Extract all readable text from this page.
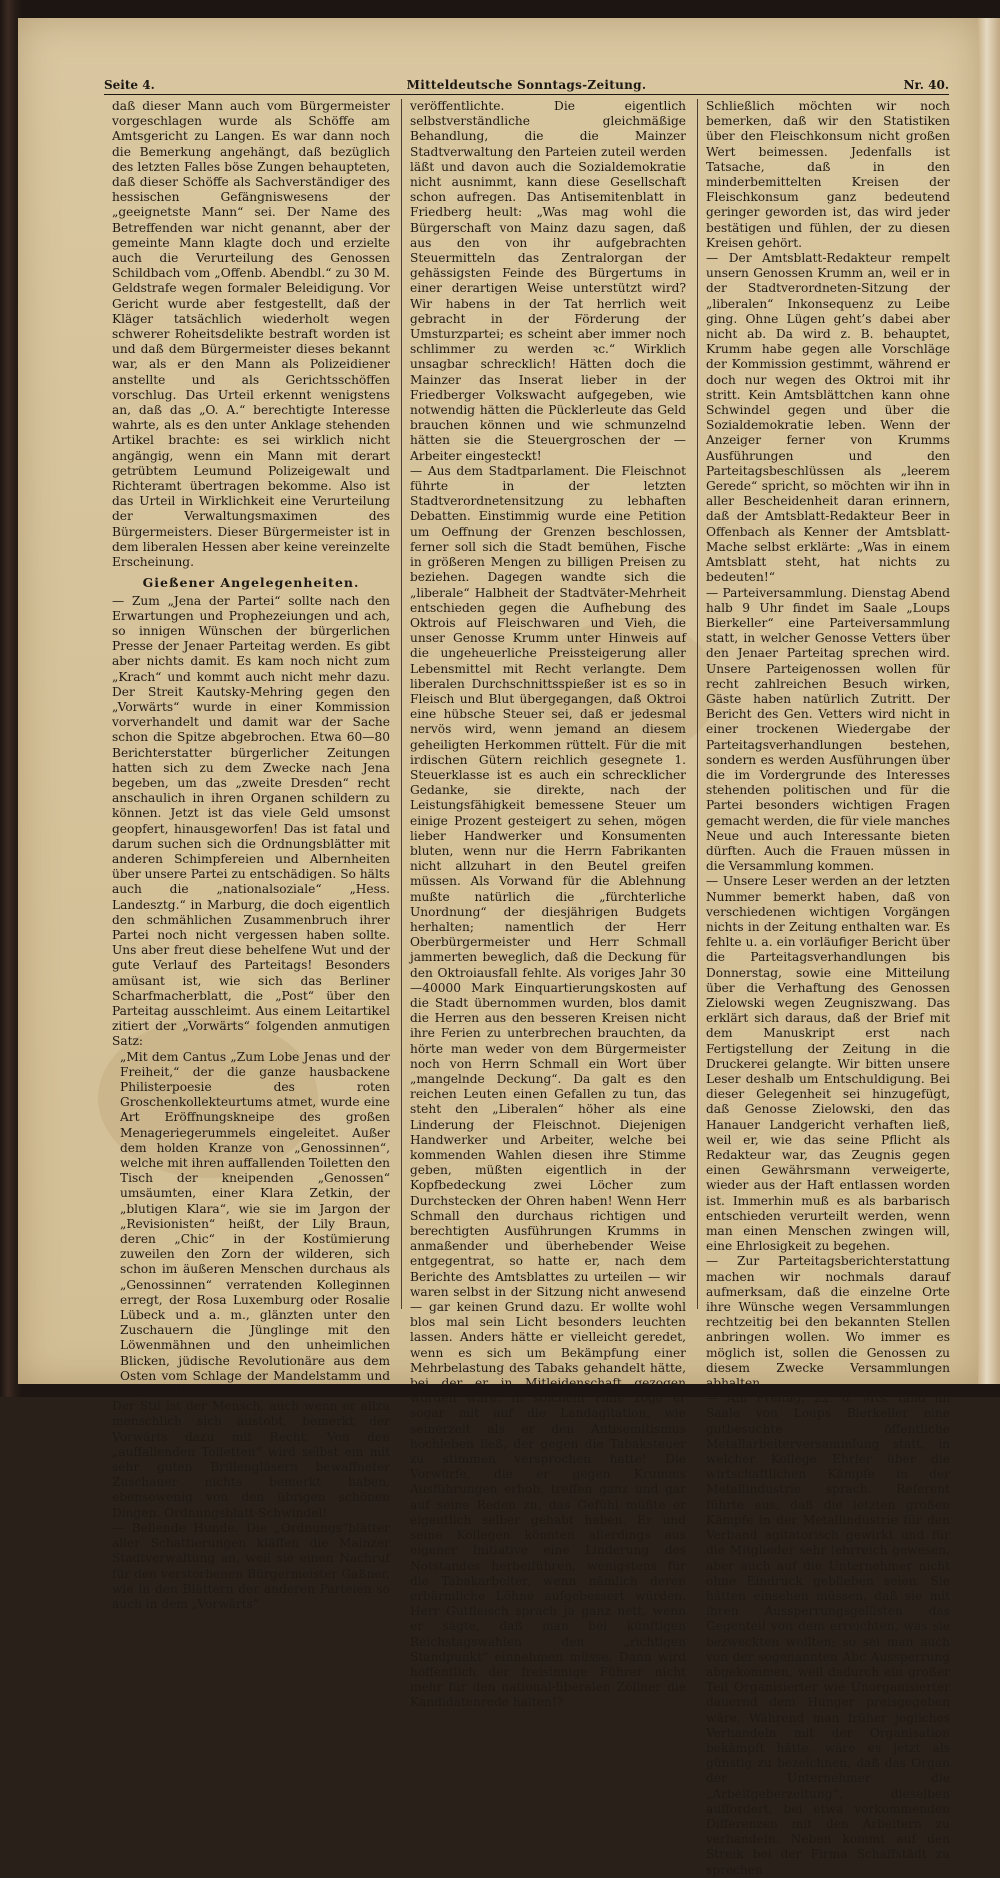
Seite 4.	Mitteldeutsche Sonntags-Zeitung.	Nr. 40.

daß dieser Mann auch vom Bürgermeister vorgeschlagen wurde als Schöffe am Amtsgericht zu Langen. Es war dann noch die Bemerkung angehängt, daß bezüglich des letzten Falles böse Zungen behaupteten, daß dieser Schöffe als Sachverständiger des hessischen Gefängniswesens der „geeignetste Mann“ sei. Der Name des Betreffenden war nicht genannt, aber der gemeinte Mann klagte doch und erzielte auch die Verurteilung des Genossen Schildbach vom „Offenb. Abendbl.“ zu 30 M. Geldstrafe wegen formaler Beleidigung. Vor Gericht wurde aber festgestellt, daß der Kläger tatsächlich wiederholt wegen schwerer Roheitsdelikte bestraft worden ist und daß dem Bürgermeister dieses bekannt war, als er den Mann als Polizeidiener anstellte und als Gerichtsschöffen vorschlug. Das Urteil erkennt wenigstens an, daß das „O. A.“ berechtigte Interesse wahrte, als es den unter Anklage stehenden Artikel brachte: es sei wirklich nicht angängig, wenn ein Mann mit derart getrübtem Leumund Polizeigewalt und Richteramt übertragen bekomme. Also ist das Urteil in Wirklichkeit eine Verurteilung der Verwaltungsmaximen des Bürgermeisters. Dieser Bürgermeister ist in dem liberalen Hessen aber keine vereinzelte Erscheinung.

Gießener Angelegenheiten.

— Zum „Jena der Partei“ sollte nach den Erwartungen und Prophezeiungen und ach, so innigen Wünschen der bürgerlichen Presse der Jenaer Parteitag werden. Es gibt aber nichts damit. Es kam noch nicht zum „Krach“ und kommt auch nicht mehr dazu. Der Streit Kautsky-Mehring gegen den „Vorwärts“ wurde in einer Kommission vorverhandelt und damit war der Sache schon die Spitze abgebrochen. Etwa 60—80 Berichterstatter bürgerlicher Zeitungen hatten sich zu dem Zwecke nach Jena begeben, um das „zweite Dresden“ recht anschaulich in ihren Organen schildern zu können. Jetzt ist das viele Geld umsonst geopfert, hinausgeworfen! Das ist fatal und darum suchen sich die Ordnungsblätter mit anderen Schimpfereien und Albernheiten über unsere Partei zu entschädigen. So hälts auch die „nationalsoziale“ „Hess. Landesztg.“ in Marburg, die doch eigentlich den schmählichen Zusammenbruch ihrer Partei noch nicht vergessen haben sollte. Uns aber freut diese behelfene Wut und der gute Verlauf des Parteitags! Besonders amüsant ist, wie sich das Berliner Scharfmacherblatt, die „Post“ über den Parteitag ausschleimt. Aus einem Leitartikel zitiert der „Vorwärts“ folgenden anmutigen Satz:

„Mit dem Cantus „Zum Lobe Jenas und der Freiheit,“ der die ganze hausbackene Philisterpoesie des roten Groschenkollekteurtums atmet, wurde eine Art Eröffnungskneipe des großen Menageriegerummels eingeleitet. Außer dem holden Kranze von „Genossinnen“, welche mit ihren auffallenden Toiletten den Tisch der kneipenden „Genossen“ umsäumten, einer Klara Zetkin, der „blutigen Klara“, wie sie im Jargon der „Revisionisten“ heißt, der Lily Braun, deren „Chic“ in der Kostümierung zuweilen den Zorn der wilderen, sich schon im äußeren Menschen durchaus als „Genossinnen“ verratenden Kolleginnen erregt, der Rosa Luxemburg oder Rosalie Lübeck und a. m., glänzten unter den Zuschauern die Jünglinge mit den Löwenmähnen und den unheimlichen Blicken, jüdische Revolutionäre aus dem Osten vom Schlage der Mandelstamm und Silberfarb.“

Der Stil ist der Mensch, auch wenn er allzu menschlich sich austobt, bemerkt der Vorwärts dazu mit Recht. Von den „auffallenden Toiletten“ wird selbst ein mit sehr guten Brillengläsern bewaffneter Zuschauer nichts bemerkt haben, ebensowenig von den übrigen schönen Dingen. Ordnungsblatt-Schwindel!

— Bellende Hunde. Die „Ordnungs“blätter aller Schattierungen kläffen die Mainzer Stadtverwaltung an, weil sie einen Nachruf für den verstorbenen Bürgermeister Gaßner, wie in den Blättern der anderen Parteien so auch in dem „Vorwärts“

veröffentlichte. Die eigentlich selbstverständliche gleichmäßige Behandlung, die die Mainzer Stadtverwaltung den Parteien zuteil werden läßt und davon auch die Sozialdemokratie nicht ausnimmt, kann diese Gesellschaft schon aufregen. Das Antisemitenblatt in Friedberg heult: „Was mag wohl die Bürgerschaft von Mainz dazu sagen, daß aus den von ihr aufgebrachten Steuermitteln das Zentralorgan der gehässigsten Feinde des Bürgertums in einer derartigen Weise unterstützt wird? Wir habens in der Tat herrlich weit gebracht in der Förderung der Umsturzpartei; es scheint aber immer noch schlimmer zu werden ꝛc.“ Wirklich unsagbar schrecklich! Hätten doch die Mainzer das Inserat lieber in der Friedberger Volkswacht aufgegeben, wie notwendig hätten die Pücklerleute das Geld brauchen können und wie schmunzelnd hätten sie die Steuergroschen der — Arbeiter eingesteckt!

— Aus dem Stadtparlament. Die Fleischnot führte in der letzten Stadtverordnetensitzung zu lebhaften Debatten. Einstimmig wurde eine Petition um Oeffnung der Grenzen beschlossen, ferner soll sich die Stadt bemühen, Fische in größeren Mengen zu billigen Preisen zu beziehen. Dagegen wandte sich die „liberale“ Halbheit der Stadtväter-Mehrheit entschieden gegen die Aufhebung des Oktrois auf Fleischwaren und Vieh, die unser Genosse Krumm unter Hinweis auf die ungeheuerliche Preissteigerung aller Lebensmittel mit Recht verlangte. Dem liberalen Durchschnittsspießer ist es so in Fleisch und Blut übergegangen, daß Oktroi eine hübsche Steuer sei, daß er jedesmal nervös wird, wenn jemand an diesem geheiligten Herkommen rüttelt. Für die mit irdischen Gütern reichlich gesegnete 1. Steuerklasse ist es auch ein schrecklicher Gedanke, sie direkte, nach der Leistungsfähigkeit bemessene Steuer um einige Prozent gesteigert zu sehen, mögen lieber Handwerker und Konsumenten bluten, wenn nur die Herrn Fabrikanten nicht allzuhart in den Beutel greifen müssen. Als Vorwand für die Ablehnung mußte natürlich die „fürchterliche Unordnung“ der diesjährigen Budgets herhalten; namentlich der Herr Oberbürgermeister und Herr Schmall jammerten beweglich, daß die Deckung für den Oktroiausfall fehlte. Als voriges Jahr 30—40000 Mark Einquartierungskosten auf die Stadt übernommen wurden, blos damit die Herren aus den besseren Kreisen nicht ihre Ferien zu unterbrechen brauchten, da hörte man weder von dem Bürgermeister noch von Herrn Schmall ein Wort über „mangelnde Deckung“. Da galt es den reichen Leuten einen Gefallen zu tun, das steht den „Liberalen“ höher als eine Linderung der Fleischnot. Diejenigen Handwerker und Arbeiter, welche bei kommenden Wahlen diesen ihre Stimme geben, müßten eigentlich in der Kopfbedeckung zwei Löcher zum Durchstecken der Ohren haben! Wenn Herr Schmall den durchaus richtigen und berechtigten Ausführungen Krumms in anmaßender und überhebender Weise entgegentrat, so hatte er, nach dem Berichte des Amtsblattes zu urteilen — wir waren selbst in der Sitzung nicht anwesend — gar keinen Grund dazu. Er wollte wohl blos mal sein Licht besonders leuchten lassen. Anders hätte er vielleicht geredet, wenn es sich um Bekämpfung einer Mehrbelastung des Tabaks gehandelt hätte, bei der er in Mitleidenschaft gezogen worden wäre. In solchem Falle zöge er sogar mit auf die Landagitation, wie seinerzeit als er den Antisemitismus hochleben ließ, der gegen die Tabaksteuer zu stimmen versprochen hatte! Die Vorwürfe, die er gegen Krumms Ausführungen erhob, treffen ganz und gar auf seine Reden zu, das Gefühl müßte er eigentlich selber gehabt haben. Er und seine Kollegen könnten allerdings aus eigener Initiative eine Linderung des Notstandes herbeiführen, wenigstens für die Tabakarbeiter, wenn nämlich deren erbärmliche Löhne aufgebessert würden. Herr Gutfleisch sprach ja ganz nett, wenn er sagte, daß man bei künftigen Reichstagswahlen den „richtigen Standpunkt“ einnehmen müsse. Dann wird hoffentlich der freisinnige Führer nicht mehr für den national-liberalen Zöllner die Kandidatenrede halten!?

Schließlich möchten wir noch bemerken, daß wir den Statistiken über den Fleischkonsum nicht großen Wert beimessen. Jedenfalls ist Tatsache, daß in den minderbemittelten Kreisen der Fleischkonsum ganz bedeutend geringer geworden ist, das wird jeder bestätigen und fühlen, der zu diesen Kreisen gehört.

— Der Amtsblatt-Redakteur rempelt unsern Genossen Krumm an, weil er in der Stadtverordneten-Sitzung der „liberalen“ Inkonsequenz zu Leibe ging. Ohne Lügen geht’s dabei aber nicht ab. Da wird z. B. behauptet, Krumm habe gegen alle Vorschläge der Kommission gestimmt, während er doch nur wegen des Oktroi mit ihr stritt. Kein Amtsblättchen kann ohne Schwindel gegen und über die Sozialdemokratie leben. Wenn der Anzeiger ferner von Krumms Ausführungen und den Parteitagsbeschlüssen als „leerem Gerede“ spricht, so möchten wir ihn in aller Bescheidenheit daran erinnern, daß der Amtsblatt-Redakteur Beer in Offenbach als Kenner der Amtsblatt-Mache selbst erklärte: „Was in einem Amtsblatt steht, hat nichts zu bedeuten!“

— Parteiversammlung. Dienstag Abend halb 9 Uhr findet im Saale „Loups Bierkeller“ eine Parteiversammlung statt, in welcher Genosse Vetters über den Jenaer Parteitag sprechen wird. Unsere Parteigenossen wollen für recht zahlreichen Besuch wirken, Gäste haben natürlich Zutritt. Der Bericht des Gen. Vetters wird nicht in einer trockenen Wiedergabe der Parteitagsverhandlungen bestehen, sondern es werden Ausführungen über die im Vordergrunde des Interesses stehenden politischen und für die Partei besonders wichtigen Fragen gemacht werden, die für viele manches Neue und auch Interessante bieten dürften. Auch die Frauen müssen in die Versammlung kommen.

— Unsere Leser werden an der letzten Nummer bemerkt haben, daß von verschiedenen wichtigen Vorgängen nichts in der Zeitung enthalten war. Es fehlte u. a. ein vorläufiger Bericht über die Parteitagsverhandlungen bis Donnerstag, sowie eine Mitteilung über die Verhaftung des Genossen Zielowski wegen Zeugniszwang. Das erklärt sich daraus, daß der Brief mit dem Manuskript erst nach Fertigstellung der Zeitung in die Druckerei gelangte. Wir bitten unsere Leser deshalb um Entschuldigung. Bei dieser Gelegenheit sei hinzugefügt, daß Genosse Zielowski, den das Hanauer Landgericht verhaften ließ, weil er, wie das seine Pflicht als Redakteur war, das Zeugnis gegen einen Gewährsmann verweigerte, wieder aus der Haft entlassen worden ist. Immerhin muß es als barbarisch entschieden verurteilt werden, wenn man einen Menschen zwingen will, eine Ehrlosigkeit zu begehen.

— Zur Parteitagsberichterstattung machen wir nochmals darauf aufmerksam, daß die einzelne Orte ihre Wünsche wegen Versammlungen rechtzeitig bei den bekannten Stellen anbringen wollen. Wo immer es möglich ist, sollen die Genossen zu diesem Zwecke Versammlungen abhalten.

— Am Freitag, 22. d. Mts. fand im Saale von Loups Bierkeller eine gutbesuchte öffentliche Metallarbeiterversammlung statt, in welcher Kollege Ehrler über die wirtschaftlichen Kämpfe in der Metallindustrie sprach. Referent führte aus, daß die letzten großen Kämpfe in der Metallindustrie für den Verband agitatorisch gewirkt und für die Mitglieder sehr lehrreich gewesen, aber auch auf die Unternehmer nicht ohne Eindruck geblieben seien. Sie hätten einsehen müssen, daß sie mit ihren Aussperrungsgelüsten das Gegenteil von dem erreichten, was sie bezweckten wollten; so sei man auch von der sogenannten Abc Aussperrung abgekommen, weil dadurch ein großer Teil Organisierter wie Unorganisierter dauernd dem Hunger preisgegeben wäre. Während man früher jegliches Verhandeln mit der Organisation bekämpft hätte, wäre es jetzt als günstig zu bezeichnen, daß das Organ der Unternehmer die „Arbeitgeberzeitung“, dieselben auffordert, bei etwa vorkommenden Differenzen mit den Arbeitern zu verhandeln. Neben kommt auf den Streik bei der Firma Schaffstädt zu sprechen
